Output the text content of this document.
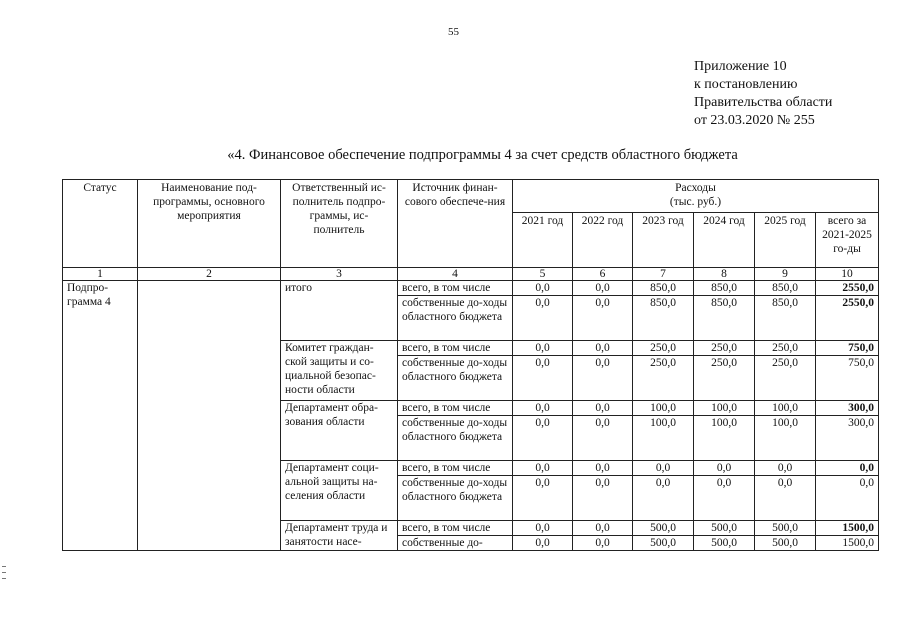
55
Приложение 10
к постановлению
Правительства области
от 23.03.2020 № 255
«4. Финансовое обеспечение подпрограммы 4 за счет средств областного бюджета
Статус	Наименование под-программы, основного мероприятия	Ответственный ис-полнитель подпро-граммы, ис-полнитель	Источник финан-сового обеспече-ния	Расходы
(тыс. руб.)					

				2021 год	2022 год	2023 год	2024 год	2025 год	всего за 2021-2025 го-ды
1	2	3	4	5	6	7	8	9	10
Подпро-грамма 4		итого	всего, в том числе	0,0	0,0	850,0	850,0	850,0	2550,0
			собственные до-ходы областного бюджета	0,0	0,0	850,0	850,0	850,0	2550,0
		Комитет граждан-ской защиты и со-циальной безопас-ности области	всего, в том числе	0,0	0,0	250,0	250,0	250,0	750,0
			собственные до-ходы областного бюджета	0,0	0,0	250,0	250,0	250,0	750,0
		Департамент обра-зования области	всего, в том числе	0,0	0,0	100,0	100,0	100,0	300,0
			собственные до-ходы областного бюджета	0,0	0,0	100,0	100,0	100,0	300,0
		Департамент соци-альной защиты на-селения области	всего, в том числе	0,0	0,0	0,0	0,0	0,0	0,0
			собственные до-ходы областного бюджета	0,0	0,0	0,0	0,0	0,0	0,0
		Департамент труда и занятости насе-	всего, в том числе	0,0	0,0	500,0	500,0	500,0	1500,0
			собственные до-	0,0	0,0	500,0	500,0	500,0	1500,0
